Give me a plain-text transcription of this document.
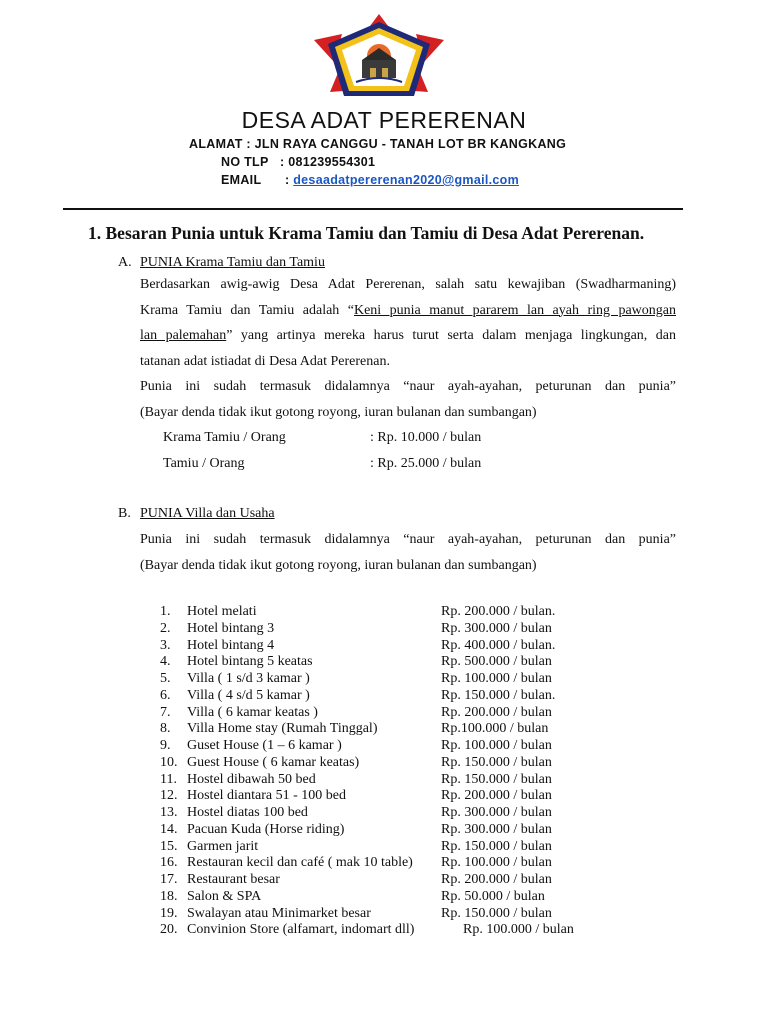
DESA ADAT PERERENAN
ALAMAT : JLN RAYA CANGGU - TANAH LOT BR KANGKANG
NO TLP : 081239554301
EMAIL : desaadatpererenan2020@gmail.com
1. Besaran Punia untuk Krama Tamiu dan Tamiu di Desa Adat Pererenan.
A. PUNIA Krama Tamiu dan Tamiu
Berdasarkan awig-awig Desa Adat Pererenan, salah satu kewajiban (Swadharmaning)
Krama Tamiu dan Tamiu adalah “Keni punia manut pararem lan ayah ring pawongan
lan palemahan” yang artinya mereka harus turut serta dalam menjaga lingkungan, dan
tatanan adat istiadat di Desa Adat Pererenan.
Punia ini sudah termasuk didalamnya “naur ayah-ayahan, peturunan dan punia”
(Bayar denda tidak ikut gotong royong, iuran bulanan dan sumbangan)
Krama Tamiu / Orang	: Rp. 10.000 / bulan
Tamiu / Orang	: Rp. 25.000 / bulan
B. PUNIA Villa dan Usaha
Punia ini sudah termasuk didalamnya “naur ayah-ayahan, peturunan dan punia”
(Bayar denda tidak ikut gotong royong, iuran bulanan dan sumbangan)
1. Hotel melati	Rp. 200.000 / bulan.
2. Hotel bintang 3	Rp. 300.000 / bulan
3. Hotel bintang 4	Rp. 400.000 / bulan.
4. Hotel bintang 5 keatas	Rp. 500.000 / bulan
5. Villa ( 1 s/d 3 kamar )	Rp. 100.000 / bulan
6. Villa ( 4 s/d 5 kamar )	Rp. 150.000 / bulan.
7. Villa ( 6 kamar keatas )	Rp. 200.000 / bulan
8. Villa Home stay (Rumah Tinggal)	Rp.100.000 / bulan
9. Guset House (1 – 6 kamar )	Rp. 100.000 / bulan
10. Guest House ( 6 kamar keatas)	Rp. 150.000 / bulan
11. Hostel dibawah 50 bed	Rp. 150.000 / bulan
12. Hostel diantara 51 - 100 bed	Rp. 200.000 / bulan
13. Hostel diatas 100 bed	Rp. 300.000 / bulan
14. Pacuan Kuda (Horse riding)	Rp. 300.000 / bulan
15. Garmen jarit	Rp. 150.000 / bulan
16. Restauran kecil dan café ( mak 10 table) Rp. 100.000 / bulan
17. Restaurant besar	Rp. 200.000 / bulan
18. Salon & SPA	Rp. 50.000 / bulan
19. Swalayan atau Minimarket besar	Rp. 150.000 / bulan
20. Convinion Store (alfamart, indomart dll)	Rp. 100.000 / bulan
